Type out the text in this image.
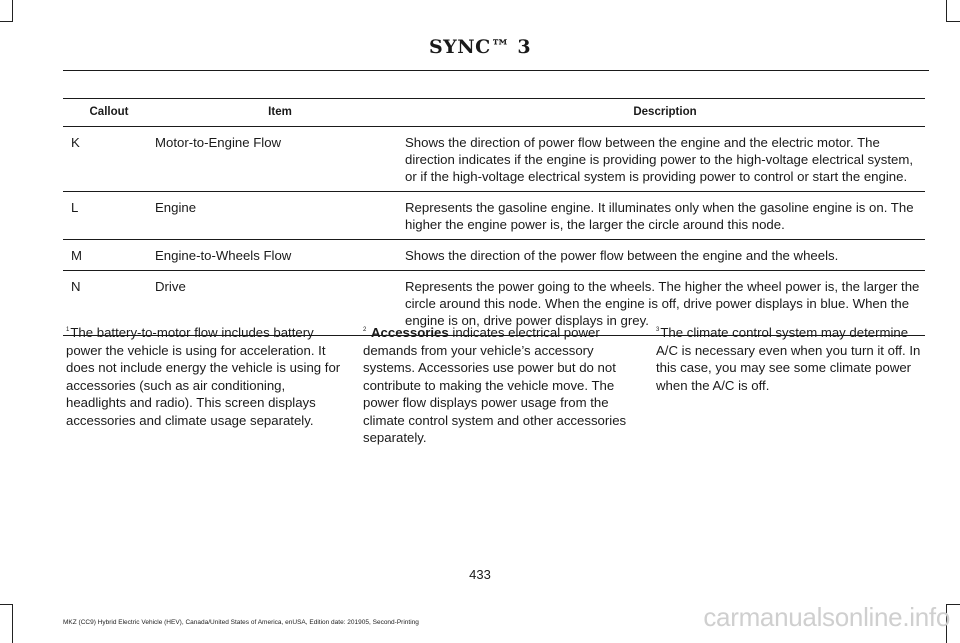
SYNC™ 3
Callout	Item	Description
K	Motor-to-Engine Flow	Shows the direction of power flow between the engine and the electric motor. The direction indicates if the engine is providing power to the high-voltage electrical system, or if the high-voltage electrical system is providing power to control or start the engine.
L	Engine	Represents the gasoline engine. It illuminates only when the gasoline engine is on. The higher the engine power is, the larger the circle around this node.
M	Engine-to-Wheels Flow	Shows the direction of the power flow between the engine and the wheels.
N	Drive	Represents the power going to the wheels. The higher the wheel power is, the larger the circle around this node. When the engine is off, drive power displays in blue. When the engine is on, drive power displays in grey.
$^1$The battery-to-motor flow includes battery power the vehicle is using for acceleration. It does not include energy the vehicle is using for accessories (such as air conditioning, headlights and radio). This screen displays accessories and climate usage separately.
$^2$ Accessories indicates electrical power demands from your vehicle’s accessory systems. Accessories use power but do not contribute to making the vehicle move. The power flow displays power usage from the climate control system and other accessories separately.
$^3$The climate control system may determine A/C is necessary even when you turn it off. In this case, you may see some climate power when the A/C is off.
433
MKZ (CC9) Hybrid Electric Vehicle (HEV), Canada/United States of America, enUSA, Edition date: 201905, Second-Printing	carmanualsonline.info
